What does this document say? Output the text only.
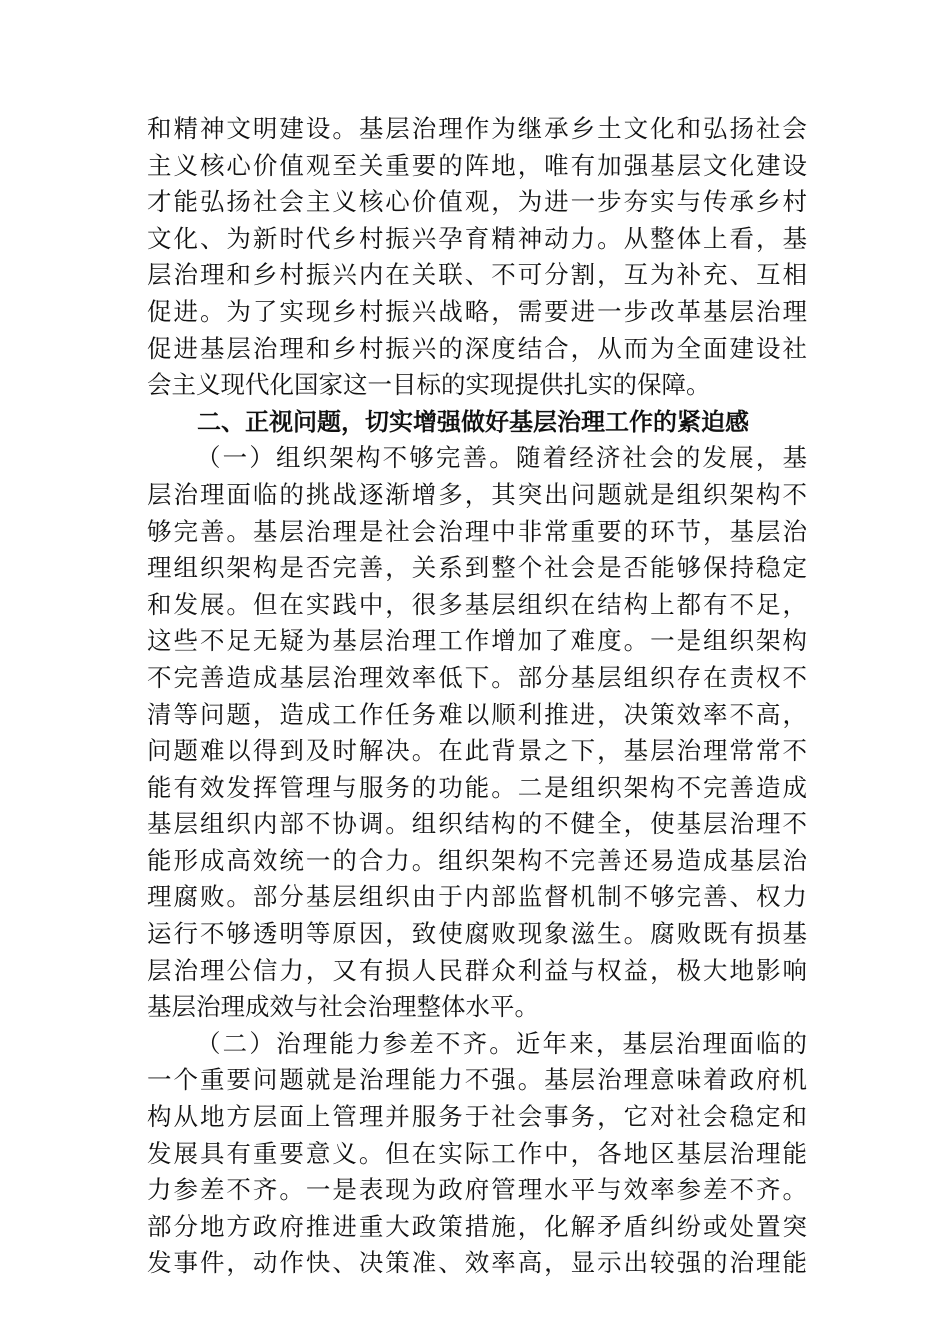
和精神文明建设。基层治理作为继承乡土文化和弘扬社会
主义核心价值观至关重要的阵地，唯有加强基层文化建设
才能弘扬社会主义核心价值观，为进一步夯实与传承乡村
文化、为新时代乡村振兴孕育精神动力。从整体上看，基
层治理和乡村振兴内在关联、不可分割，互为补充、互相
促进。为了实现乡村振兴战略，需要进一步改革基层治理
促进基层治理和乡村振兴的深度结合，从而为全面建设社
会主义现代化国家这一目标的实现提供扎实的保障。
二、正视问题，切实增强做好基层治理工作的紧迫感
（一）组织架构不够完善。随着经济社会的发展，基
层治理面临的挑战逐渐增多，其突出问题就是组织架构不
够完善。基层治理是社会治理中非常重要的环节，基层治
理组织架构是否完善，关系到整个社会是否能够保持稳定
和发展。但在实践中，很多基层组织在结构上都有不足，
这些不足无疑为基层治理工作增加了难度。一是组织架构
不完善造成基层治理效率低下。部分基层组织存在责权不
清等问题，造成工作任务难以顺利推进，决策效率不高，
问题难以得到及时解决。在此背景之下，基层治理常常不
能有效发挥管理与服务的功能。二是组织架构不完善造成
基层组织内部不协调。组织结构的不健全，使基层治理不
能形成高效统一的合力。组织架构不完善还易造成基层治
理腐败。部分基层组织由于内部监督机制不够完善、权力
运行不够透明等原因，致使腐败现象滋生。腐败既有损基
层治理公信力，又有损人民群众利益与权益，极大地影响
基层治理成效与社会治理整体水平。
（二）治理能力参差不齐。近年来，基层治理面临的
一个重要问题就是治理能力不强。基层治理意味着政府机
构从地方层面上管理并服务于社会事务，它对社会稳定和
发展具有重要意义。但在实际工作中，各地区基层治理能
力参差不齐。一是表现为政府管理水平与效率参差不齐。
部分地方政府推进重大政策措施，化解矛盾纠纷或处置突
发事件，动作快、决策准、效率高，显示出较强的治理能
